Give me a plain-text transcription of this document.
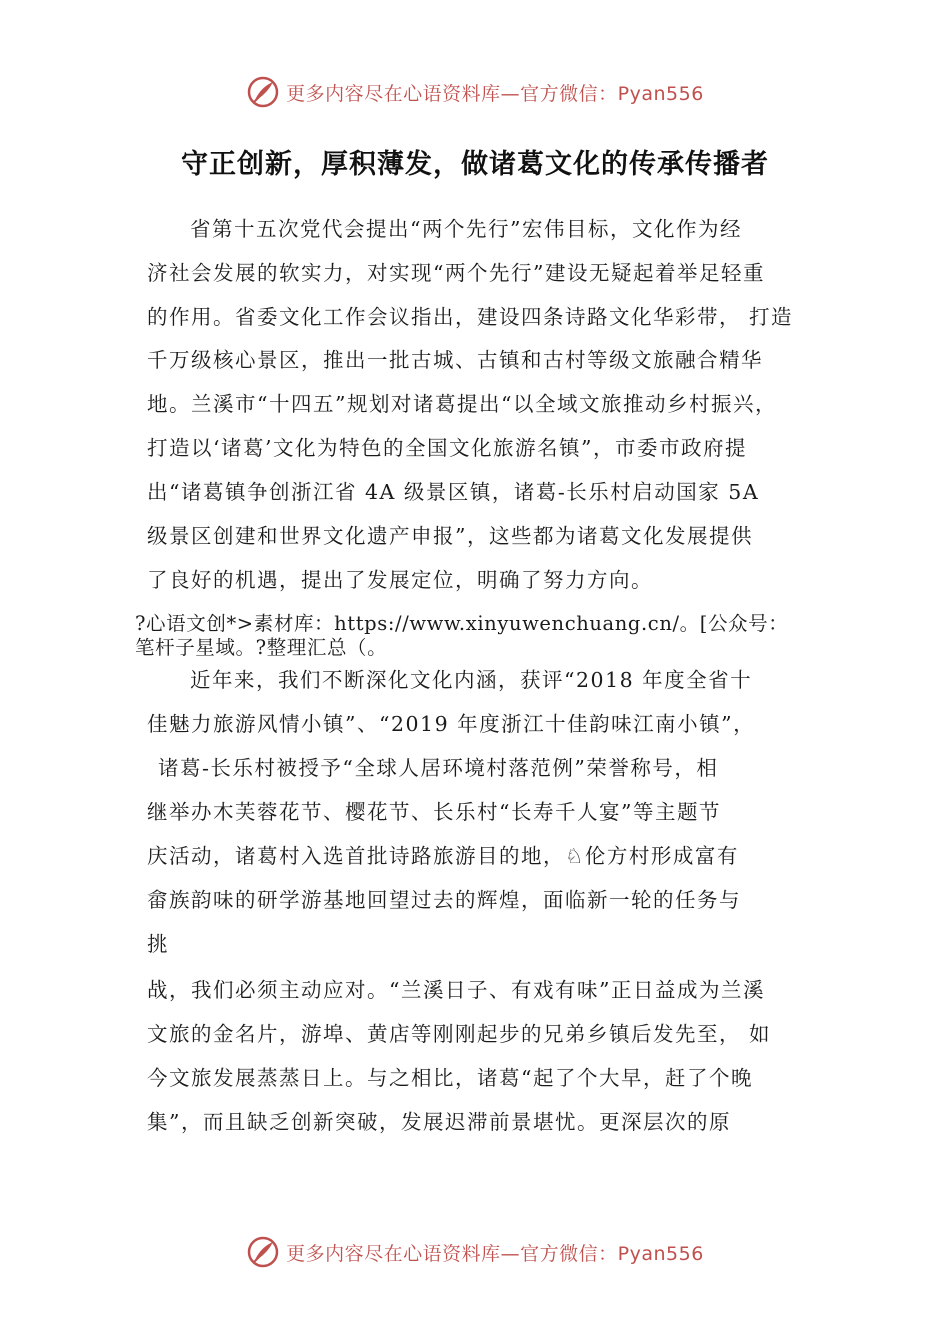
更多内容尽在心语资料库—官方微信：Pyan556
守正创新，厚积薄发，做诸葛文化的传承传播者
省第十五次党代会提出“两个先行”宏伟目标，文化作为经
济社会发展的软实力，对实现“两个先行”建设无疑起着举足轻重
的作用。省委文化工作会议指出，建设四条诗路文化华彩带， 打造
千万级核心景区，推出一批古城、古镇和古村等级文旅融合精华
地。兰溪市“十四五”规划对诸葛提出“以全域文旅推动乡村振兴，
打造以‘诸葛’文化为特色的全国文化旅游名镇”，市委市政府提
出“诸葛镇争创浙江省 4A 级景区镇，诸葛-长乐村启动国家 5A
级景区创建和世界文化遗产申报”，这些都为诸葛文化发展提供
了良好的机遇，提出了发展定位，明确了努力方向。
?心语文创*>素材库：https://www.xinyuwenchuang.cn/。[公众号：
笔杆子星域。?整理汇总（。
近年来，我们不断深化文化内涵，获评“2018 年度全省十
佳魅力旅游风情小镇”、“2019 年度浙江十佳韵味江南小镇”，
诸葛-长乐村被授予“全球人居环境村落范例”荣誉称号，相
继举办木芙蓉花节、樱花节、长乐村“长寿千人宴”等主题节
庆活动，诸葛村入选首批诗路旅游目的地，♘伦方村形成富有
畲族韵味的研学游基地回望过去的辉煌，面临新一轮的任务与
挑
战，我们必须主动应对。“兰溪日子、有戏有味”正日益成为兰溪
文旅的金名片，游埠、黄店等刚刚起步的兄弟乡镇后发先至， 如
今文旅发展蒸蒸日上。与之相比，诸葛“起了个大早，赶了个晚
集”，而且缺乏创新突破，发展迟滞前景堪忧。更深层次的原
更多内容尽在心语资料库—官方微信：Pyan556
